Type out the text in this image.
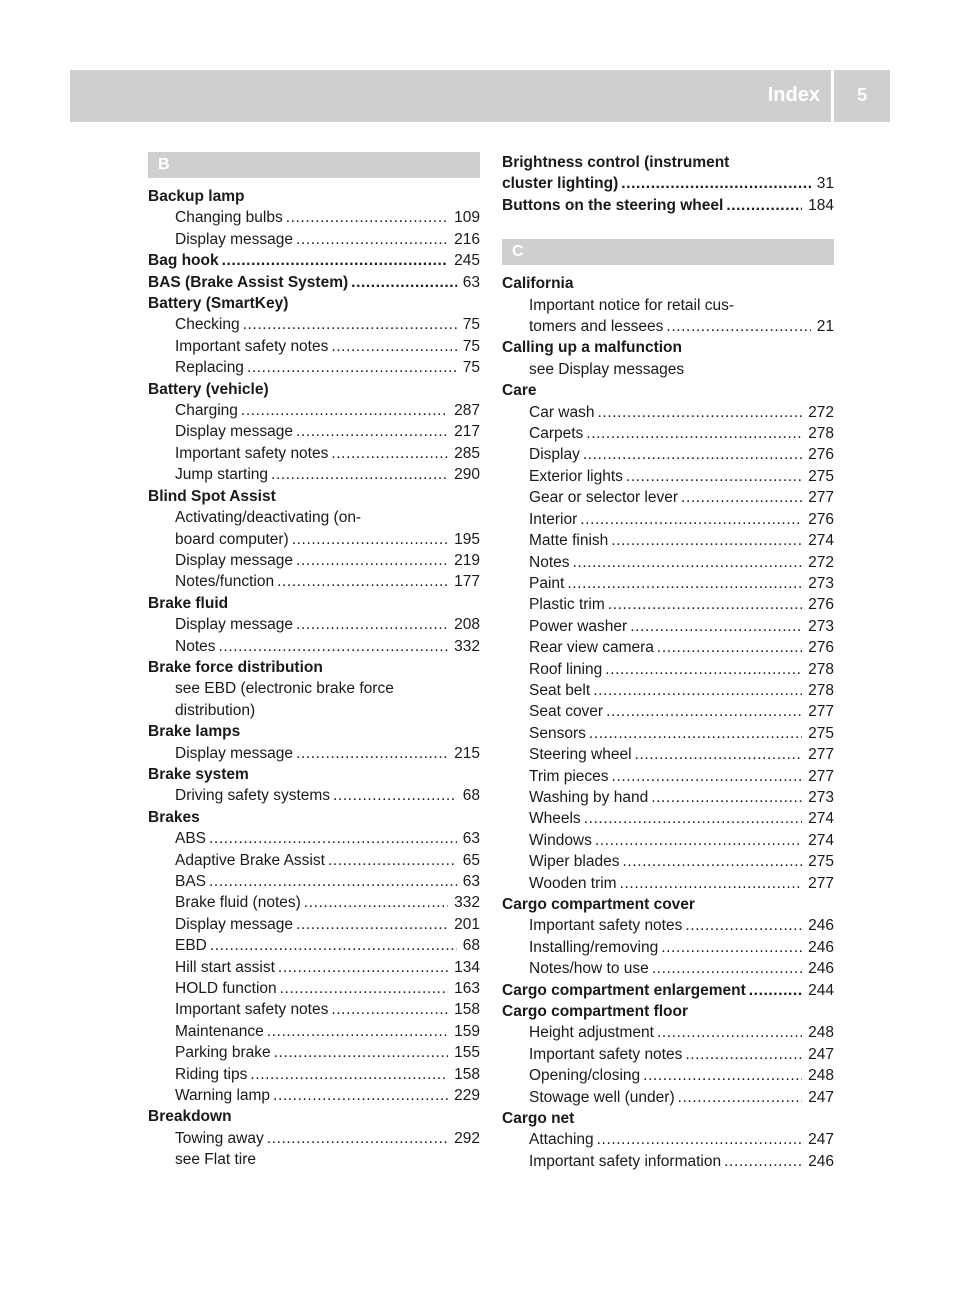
Index	5
B
Backup lamp
Changing bulbs .....	109
Display message .....	216
Bag hook .....	245
BAS (Brake Assist System) .....	63
Battery (SmartKey)
Checking .....	75
Important safety notes .....	75
Replacing .....	75
Battery (vehicle)
Charging .....	287
Display message .....	217
Important safety notes .....	285
Jump starting .....	290
Blind Spot Assist
Activating/deactivating (on-
board computer) .....	195
Display message .....	219
Notes/function .....	177
Brake fluid
Display message .....	208
Notes .....	332
Brake force distribution
see EBD (electronic brake force
distribution)
Brake lamps
Display message .....	215
Brake system
Driving safety systems .....	68
Brakes
ABS .....	63
Adaptive Brake Assist .....	65
BAS .....	63
Brake fluid (notes) .....	332
Display message .....	201
EBD .....	68
Hill start assist .....	134
HOLD function .....	163
Important safety notes .....	158
Maintenance .....	159
Parking brake .....	155
Riding tips .....	158
Warning lamp .....	229
Breakdown
Towing away .....	292
see Flat tire
Brightness control (instrument
cluster lighting) .....	31
Buttons on the steering wheel .....	184
C
California
Important notice for retail cus-
tomers and lessees .....	21
Calling up a malfunction
see Display messages
Care
Car wash .....	272
Carpets .....	278
Display .....	276
Exterior lights .....	275
Gear or selector lever .....	277
Interior .....	276
Matte finish .....	274
Notes .....	272
Paint .....	273
Plastic trim .....	276
Power washer .....	273
Rear view camera .....	276
Roof lining .....	278
Seat belt .....	278
Seat cover .....	277
Sensors .....	275
Steering wheel .....	277
Trim pieces .....	277
Washing by hand .....	273
Wheels .....	274
Windows .....	274
Wiper blades .....	275
Wooden trim .....	277
Cargo compartment cover
Important safety notes .....	246
Installing/removing .....	246
Notes/how to use .....	246
Cargo compartment enlargement .....	244
Cargo compartment floor
Height adjustment .....	248
Important safety notes .....	247
Opening/closing .....	248
Stowage well (under) .....	247
Cargo net
Attaching .....	247
Important safety information .....	246
